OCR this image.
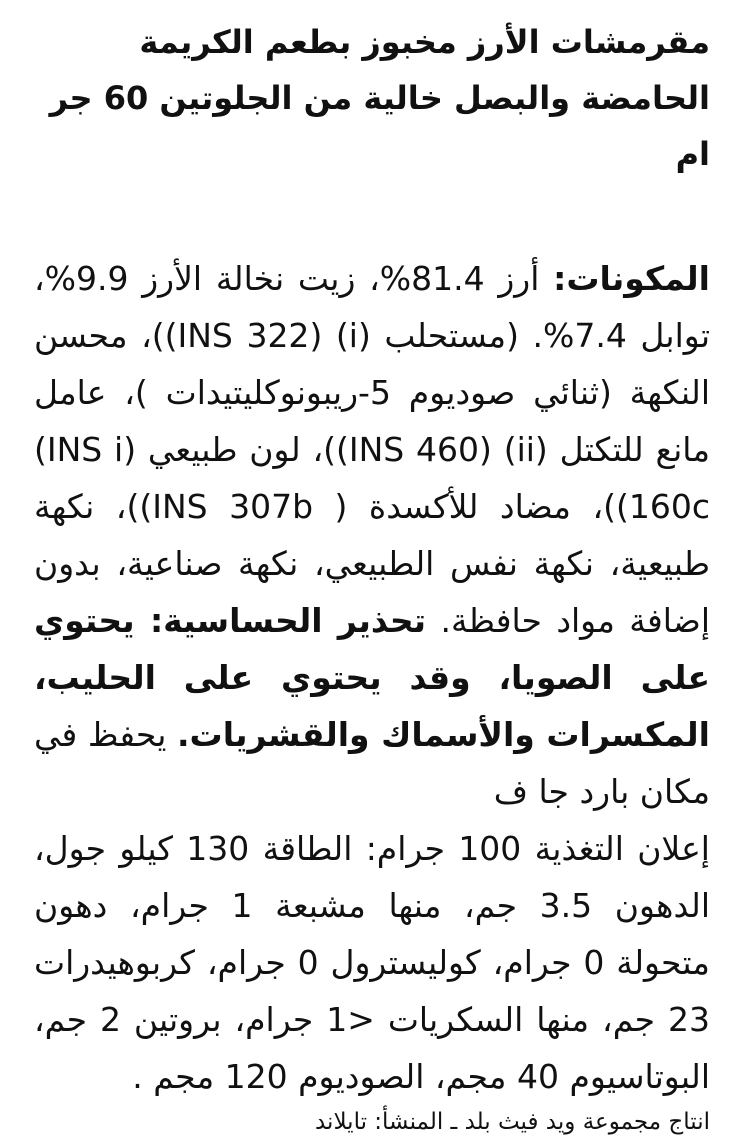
مقرمشات الأرز مخبوز بطعم الكريمة الحامضة والبصل خالية من الجلوتين 60 جر ام

المكونات: أرز 81.4%، زيت نخالة الأرز 9.9%، توابل 7.4%. (مستحلب (i) (INS 322))، محسن النكهة (ثنائي صوديوم 5-ريبونوكليتيدات )، عامل مانع للتكتل (ii) (INS 460))، لون طبيعي (INS i) 160c))، مضاد للأكسدة ( INS 307b))، نكهة طبيعية، نكهة نفس الطبيعي، نكهة صناعية، بدون إضافة مواد حافظة. تحذير الحساسية: يحتوي على الصويا، وقد يحتوي على الحليب، المكسرات والأسماك والقشريات. يحفظ في مكان بارد جا ف
إعلان التغذية 100 جرام: الطاقة 130 كيلو جول، الدهون 3.5 جم، منها مشبعة 1 جرام، دهون متحولة 0 جرام، كوليسترول 0 جرام، كربوهيدرات 23 جم، منها السكريات <1 جرام، بروتين 2 جم، البوتاسيوم 40 مجم، الصوديوم 120 مجم .

انتاج مجموعة ويد فيث بلد ـ المنشأ: تايلاند
